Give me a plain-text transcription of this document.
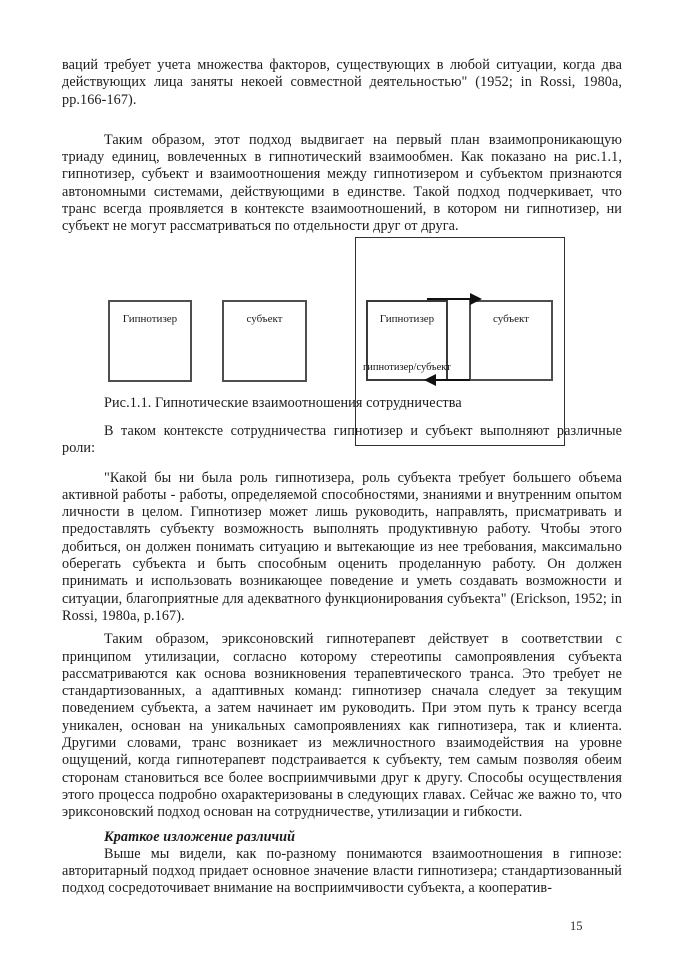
ваций требует учета множества факторов, существующих в любой ситуации, когда два действующих лица заняты некоей совместной деятельностью" (1952; in Rossi, 1980a, pp.166-167).

Таким образом, этот подход выдвигает на первый план взаимопроникающую триаду единиц, вовлеченных в гипнотический взаимообмен. Как показано на рис.1.1, гипнотизер, субъект и взаимоотношения между гипнотизером и субъектом признаются автономными системами, действующими в единстве. Такой подход подчеркивает, что транс всегда проявляется в контексте взаимоотношений, в котором ни гипнотизер, ни субъект не могут рассматриваться по отдельности друг от друга.

Рис.1.1. Гипнотические взаимоотношения сотрудничества

В таком контексте сотрудничества гипнотизер и субъект выполняют различные роли:

"Какой бы ни была роль гипнотизера, роль субъекта требует большего объема активной работы - работы, определяемой способностями, знаниями и внутренним опытом личности в целом. Гипнотизер может лишь руководить, направлять, присматривать и предоставлять субъекту возможность выполнять продуктивную работу. Чтобы этого добиться, он должен понимать ситуацию и вытекающие из нее требования, максимально оберегать субъекта и быть способным оценить проделанную работу. Он должен принимать и использовать возникающее поведение и уметь создавать возможности и ситуации, благоприятные для адекватного функционирования субъекта" (Erickson, 1952; in Rossi, 1980a, p.167).

Таким образом, эриксоновский гипнотерапевт действует в соответствии с принципом утилизации, согласно которому стереотипы самопроявления субъекта рассматриваются как основа возникновения терапевтического транса. Это требует не стандартизованных, а адаптивных команд: гипнотизер сначала следует за текущим поведением субъекта, а затем начинает им руководить. При этом путь к трансу всегда уникален, основан на уникальных самопроявлениях как гипнотизера, так и клиента. Другими словами, транс возникает из межличностного взаимодействия на уровне ощущений, когда гипнотерапевт подстраивается к субъекту, тем самым позволяя обеим сторонам становиться все более восприимчивыми друг к другу. Способы осуществления этого процесса подробно охарактеризованы в следующих главах. Сейчас же важно то, что эриксоновский подход основан на сотрудничестве, утилизации и гибкости.

Краткое изложение различий

Выше мы видели, как по-разному понимаются взаимоотношения в гипнозе: авторитарный подход придает основное значение власти гипнотизера; стандартизованный подход сосредоточивает внимание на восприимчивости субъекта, а кооператив-

Гипнотизер	субъект	Гипнотизер	субъект
гипнотизер/субъект
15
